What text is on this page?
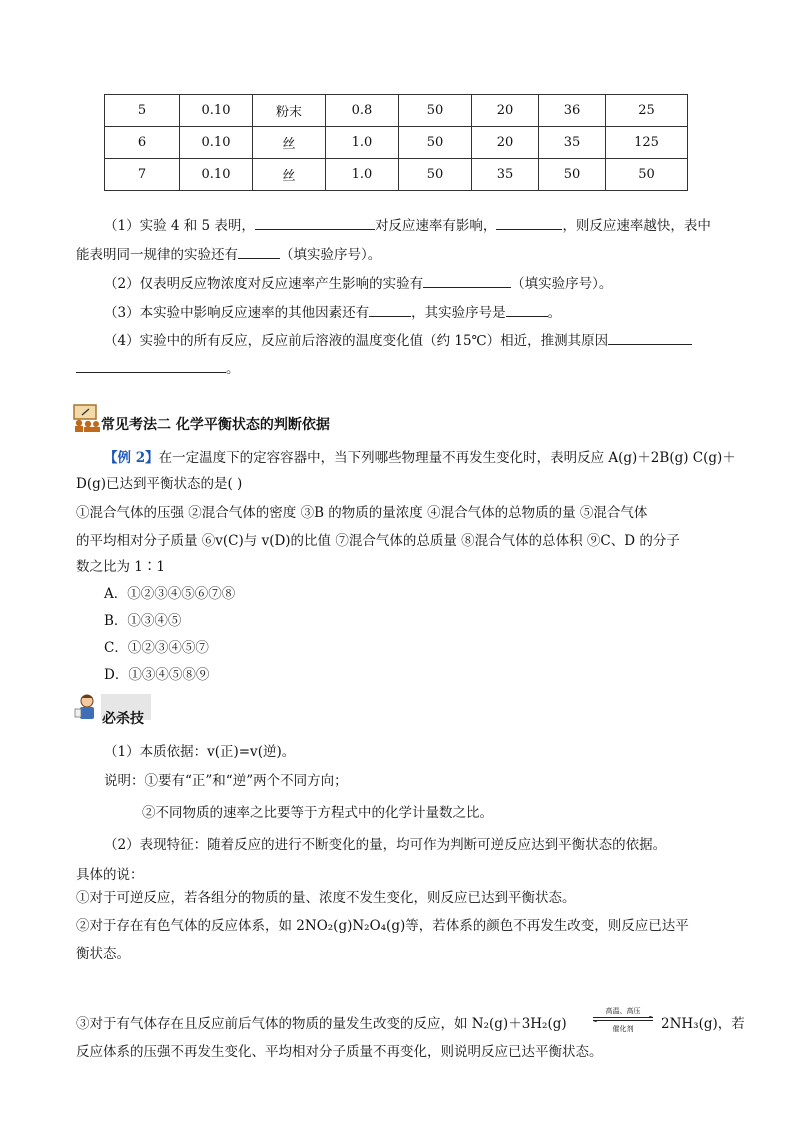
5	0.10	粉末	0.8	50	20	36	25
6	0.10	丝	1.0	50	20	35	125
7	0.10	丝	1.0	50	35	50	50
（1）实验 4 和 5 表明，	对反应速率有影响，	，则反应速率越快，表中
能表明同一规律的实验还有	（填实验序号）。
（2）仅表明反应物浓度对反应速率产生影响的实验有	（填实验序号）。
（3）本实验中影响反应速率的其他因素还有	，其实验序号是	。
（4）实验中的所有反应，反应前后溶液的温度变化值（约 15℃）相近，推测其原因
。
常见考法二 化学平衡状态的判断依据
【例 2】在一定温度下的定容容器中，当下列哪些物理量不再发生变化时，表明反应 A(g)＋2B(g) C(g)＋
D(g)已达到平衡状态的是( )
①混合气体的压强 ②混合气体的密度 ③B 的物质的量浓度 ④混合气体的总物质的量 ⑤混合气体
的平均相对分子质量 ⑥v(C)与 v(D)的比值 ⑦混合气体的总质量 ⑧混合气体的总体积 ⑨C、D 的分子
数之比为 1∶1
A．①②③④⑤⑥⑦⑧
B．①③④⑤
C．①②③④⑤⑦
D．①③④⑤⑧⑨
必杀技
（1）本质依据：v(正)=v(逆)。
说明：①要有“正”和“逆”两个不同方向；
②不同物质的速率之比要等于方程式中的化学计量数之比。
（2）表现特征：随着反应的进行不断变化的量，均可作为判断可逆反应达到平衡状态的依据。
具体的说：
①对于可逆反应，若各组分的物质的量、浓度不发生变化，则反应已达到平衡状态。
②对于存在有色气体的反应体系，如 2NO₂(g)N₂O₄(g)等，若体系的颜色不再发生改变，则反应已达平
衡状态。
③对于有气体存在且反应前后气体的物质的量发生改变的反应，如 N₂(g)＋3H₂(g)
高温、高压
催化剂	2NH₃(g)，若
反应体系的压强不再发生变化、平均相对分子质量不再变化，则说明反应已达平衡状态。
